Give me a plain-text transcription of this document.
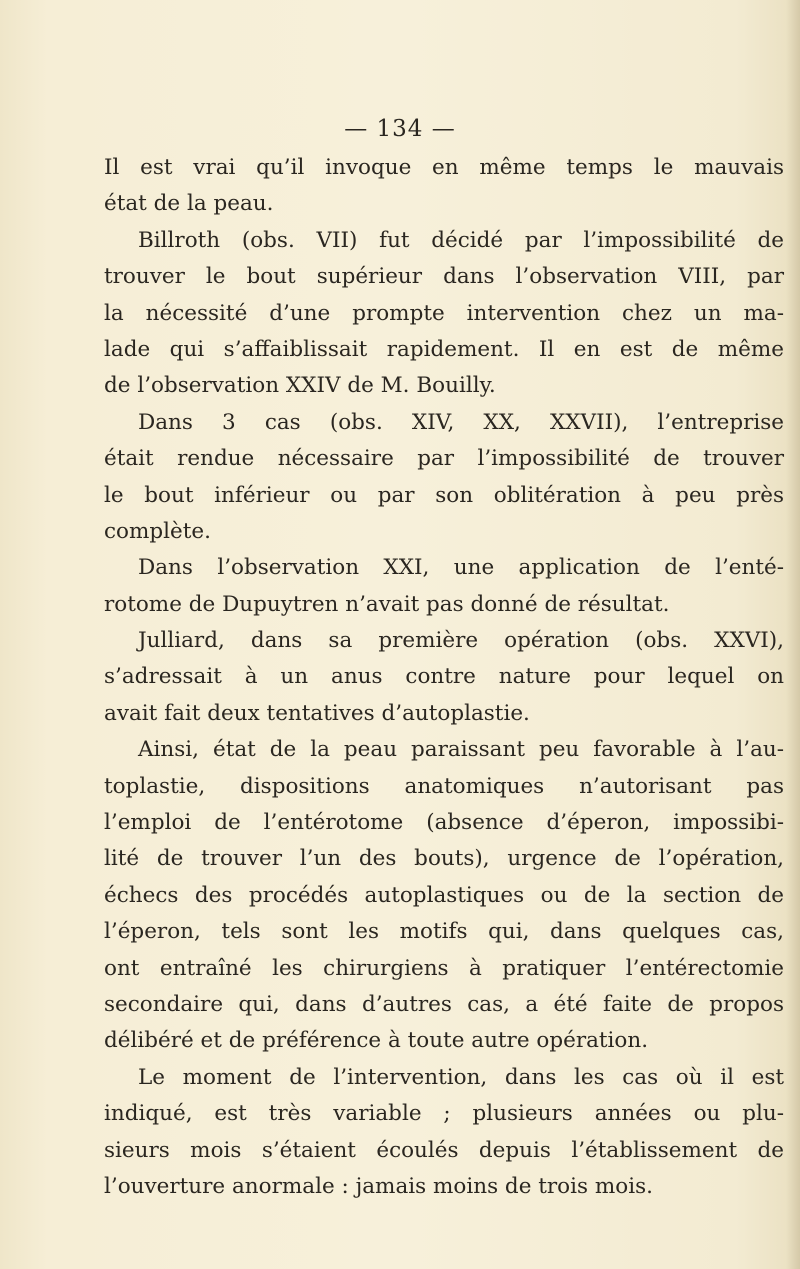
— 134 —

Il est vrai qu’il invoque en même temps le mauvais
état de la peau.

Billroth (obs. VII) fut décidé par l’impossibilité de
trouver le bout supérieur dans l’observation VIII, par
la nécessité d’une prompte intervention chez un ma-
lade qui s’affaiblissait rapidement. Il en est de même
de l’observation XXIV de M. Bouilly.

Dans 3 cas (obs. XIV, XX, XXVII), l’entreprise
était rendue nécessaire par l’impossibilité de trouver
le bout inférieur ou par son oblitération à peu près
complète.

Dans l’observation XXI, une application de l’enté-
rotome de Dupuytren n’avait pas donné de résultat.

Julliard, dans sa première opération (obs. XXVI),
s’adressait à un anus contre nature pour lequel on
avait fait deux tentatives d’autoplastie.

Ainsi, état de la peau paraissant peu favorable à l’au-
toplastie, dispositions anatomiques n’autorisant pas
l’emploi de l’entérotome (absence d’éperon, impossibi-
lité de trouver l’un des bouts), urgence de l’opération,
échecs des procédés autoplastiques ou de la section de
l’éperon, tels sont les motifs qui, dans quelques cas,
ont entraîné les chirurgiens à pratiquer l’entérectomie
secondaire qui, dans d’autres cas, a été faite de propos
délibéré et de préférence à toute autre opération.

Le moment de l’intervention, dans les cas où il est
indiqué, est très variable ; plusieurs années ou plu-
sieurs mois s’étaient écoulés depuis l’établissement de
l’ouverture anormale : jamais moins de trois mois.
